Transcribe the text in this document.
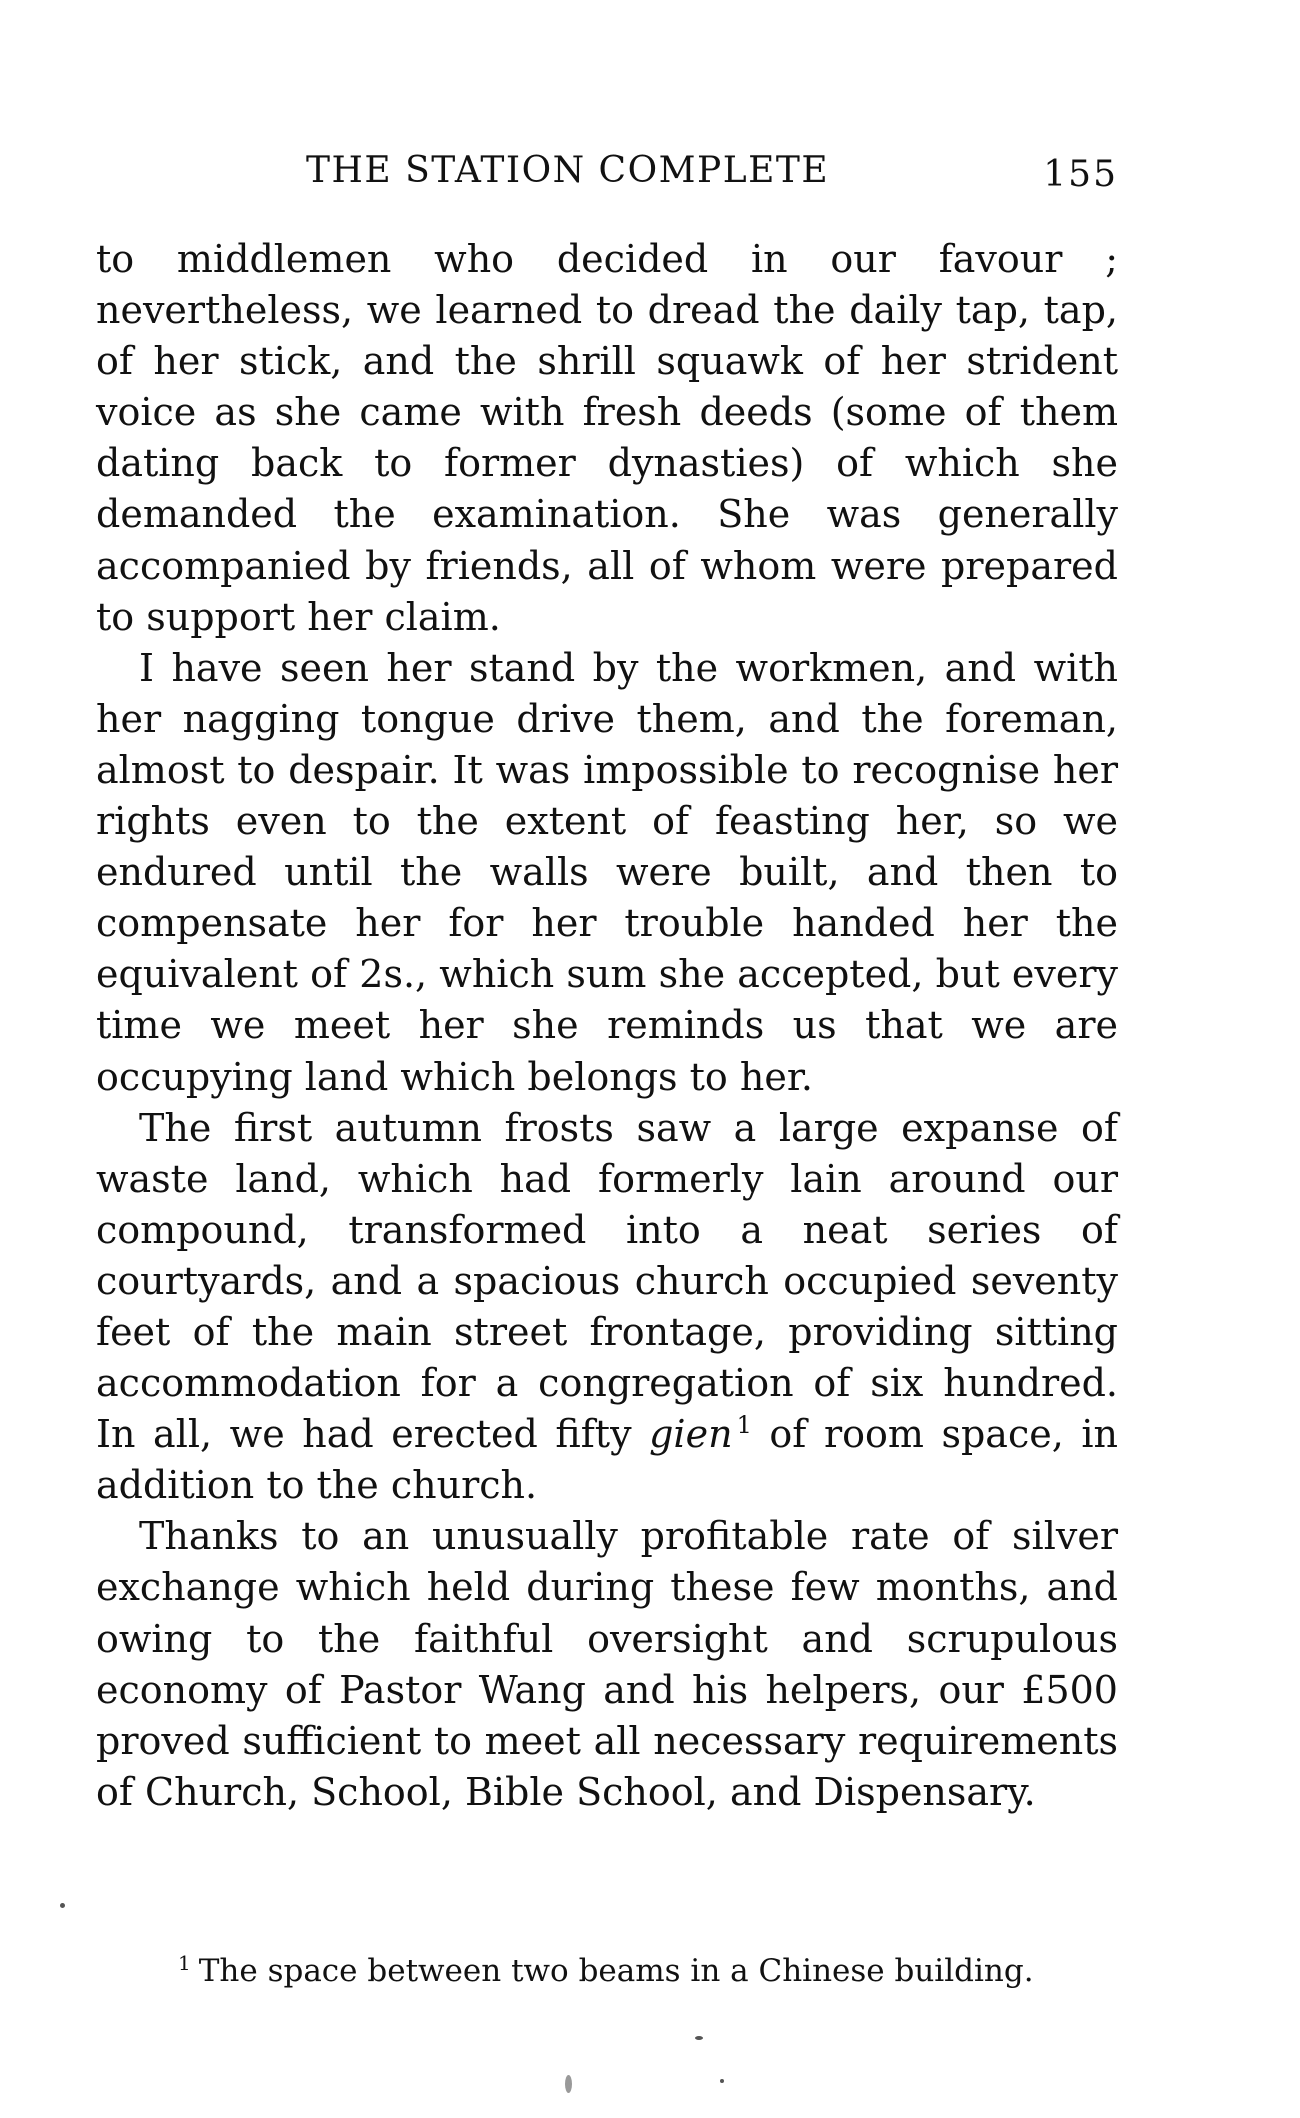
THE STATION COMPLETE	155

to middlemen who decided in our favour ; nevertheless, we learned to dread the daily tap, tap, of her stick, and the shrill squawk of her strident voice as she came with fresh deeds (some of them dating back to former dynasties) of which she demanded the examination. She was generally accompanied by friends, all of whom were prepared to support her claim.

I have seen her stand by the workmen, and with her nagging tongue drive them, and the foreman, almost to despair. It was impossible to recognise her rights even to the extent of feasting her, so we endured until the walls were built, and then to compensate her for her trouble handed her the equivalent of 2s., which sum she accepted, but every time we meet her she reminds us that we are occupying land which belongs to her.

The first autumn frosts saw a large expanse of waste land, which had formerly lain around our compound, transformed into a neat series of courtyards, and a spacious church occupied seventy feet of the main street frontage, providing sitting accommodation for a congregation of six hundred. In all, we had erected fifty gien $^1$ of room space, in addition to the church.

Thanks to an unusually profitable rate of silver exchange which held during these few months, and owing to the faithful oversight and scrupulous economy of Pastor Wang and his helpers, our £500 proved sufficient to meet all necessary requirements of Church, School, Bible School, and Dispensary.

$^1$ The space between two beams in a Chinese building.
